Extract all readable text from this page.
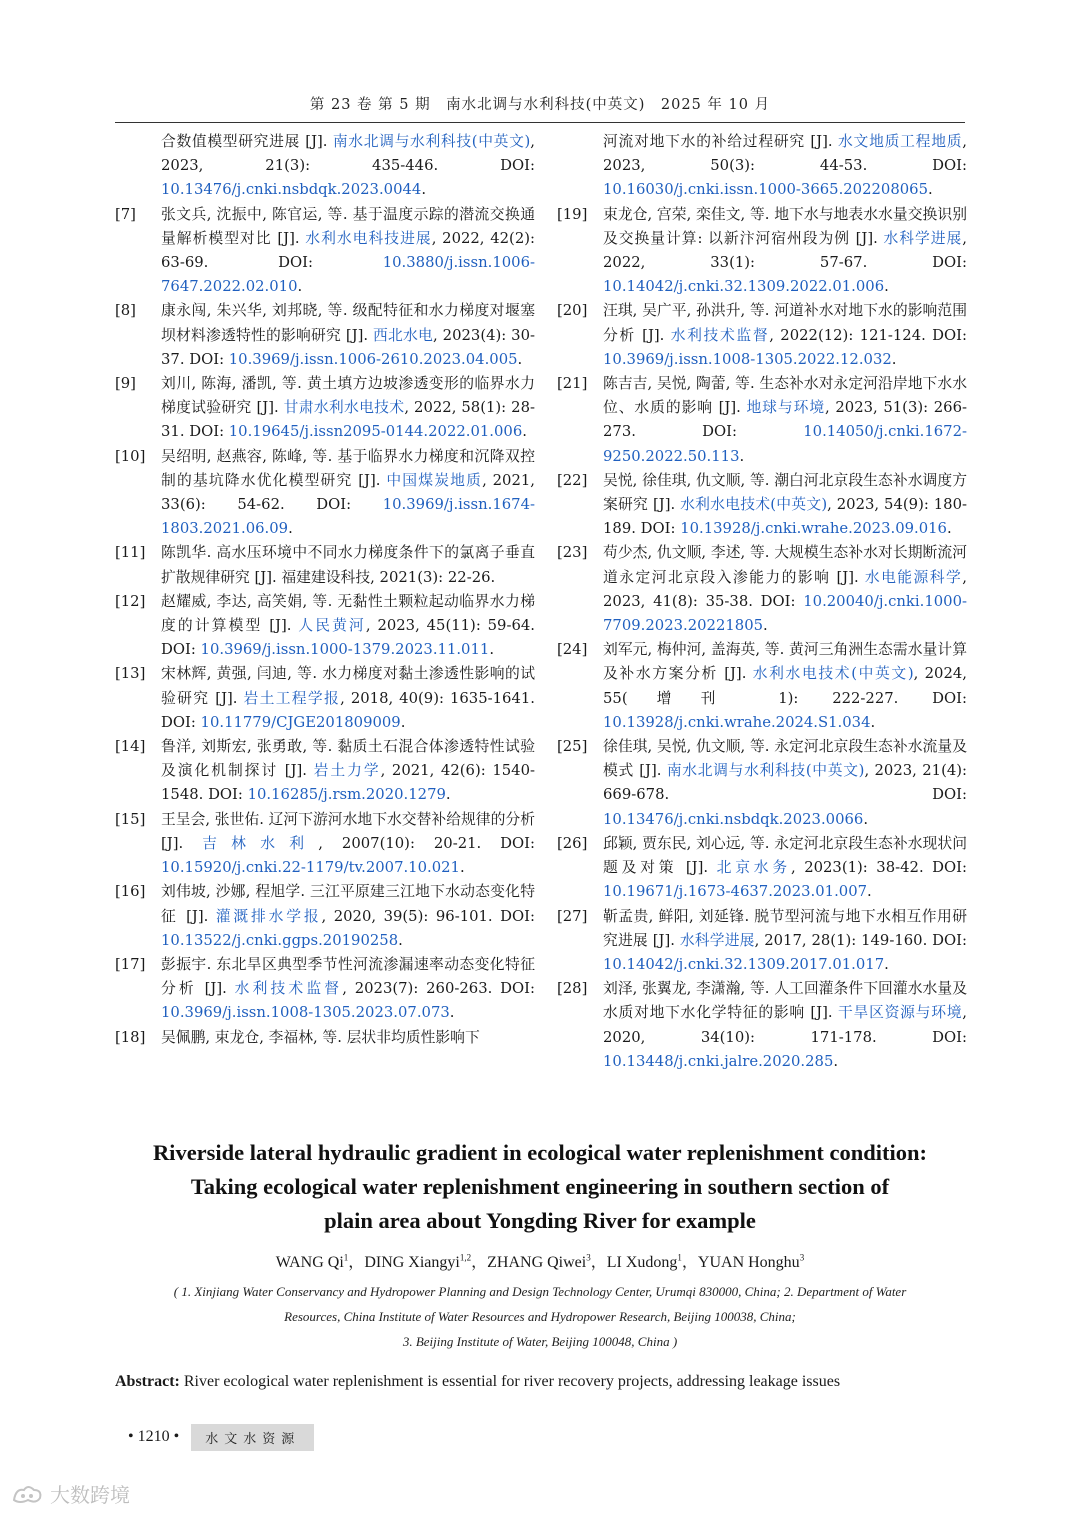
第 23 卷 第 5 期　南水北调与水利科技(中英文)　2025 年 10 月
合数值模型研究进展 [J]. 南水北调与水利科技(中英文), 2023, 21(3): 435-446. DOI: 10.13476/j.cnki.nsbdqk.2023.0044.
[7]	张文兵, 沈振中, 陈官运, 等. 基于温度示踪的潜流交换通量解析模型对比 [J]. 水利水电科技进展, 2022, 42(2): 63-69. DOI: 10.3880/j.issn.1006-7647.2022.02.010.
[8]	康永闯, 朱兴华, 刘邦晓, 等. 级配特征和水力梯度对堰塞坝材料渗透特性的影响研究 [J]. 西北水电, 2023(4): 30-37. DOI: 10.3969/j.issn.1006-2610.2023.04.005.
[9]	刘川, 陈海, 潘凯, 等. 黄土填方边坡渗透变形的临界水力梯度试验研究 [J]. 甘肃水利水电技术, 2022, 58(1): 28-31. DOI: 10.19645/j.issn2095-0144.2022.01.006.
[10]	吴绍明, 赵燕容, 陈峰, 等. 基于临界水力梯度和沉降双控制的基坑降水优化模型研究 [J]. 中国煤炭地质, 2021, 33(6): 54-62. DOI: 10.3969/j.issn.1674-1803.2021.06.09.
[11]	陈凯华. 高水压环境中不同水力梯度条件下的氯离子垂直扩散规律研究 [J]. 福建建设科技, 2021(3): 22-26.
[12]	赵耀威, 李达, 高笑娟, 等. 无黏性土颗粒起动临界水力梯度的计算模型 [J]. 人民黄河, 2023, 45(11): 59-64. DOI: 10.3969/j.issn.1000-1379.2023.11.011.
[13]	宋林辉, 黄强, 闫迪, 等. 水力梯度对黏土渗透性影响的试验研究 [J]. 岩土工程学报, 2018, 40(9): 1635-1641. DOI: 10.11779/CJGE201809009.
[14]	鲁洋, 刘斯宏, 张勇敢, 等. 黏质土石混合体渗透特性试验及演化机制探讨 [J]. 岩土力学, 2021, 42(6): 1540-1548. DOI: 10.16285/j.rsm.2020.1279.
[15]	王呈会, 张世佑. 辽河下游河水地下水交替补给规律的分析 [J]. 吉林水利, 2007(10): 20-21. DOI: 10.15920/j.cnki.22-1179/tv.2007.10.021.
[16]	刘伟坡, 沙娜, 程旭学. 三江平原建三江地下水动态变化特征 [J]. 灌溉排水学报, 2020, 39(5): 96-101. DOI: 10.13522/j.cnki.ggps.20190258.
[17]	彭振宇. 东北旱区典型季节性河流渗漏速率动态变化特征分析 [J]. 水利技术监督, 2023(7): 260-263. DOI: 10.3969/j.issn.1008-1305.2023.07.073.
[18]	吴佩鹏, 束龙仓, 李福林, 等. 层状非均质性影响下
河流对地下水的补给过程研究 [J]. 水文地质工程地质, 2023, 50(3): 44-53. DOI: 10.16030/j.cnki.issn.1000-3665.202208065.
[19]	束龙仓, 宫荣, 栾佳文, 等. 地下水与地表水水量交换识别及交换量计算: 以新汴河宿州段为例 [J]. 水科学进展, 2022, 33(1): 57-67. DOI: 10.14042/j.cnki.32.1309.2022.01.006.
[20]	汪琪, 吴广平, 孙洪升, 等. 河道补水对地下水的影响范围分析 [J]. 水利技术监督, 2022(12): 121-124. DOI: 10.3969/j.issn.1008-1305.2022.12.032.
[21]	陈吉吉, 吴悦, 陶蕾, 等. 生态补水对永定河沿岸地下水水位、水质的影响 [J]. 地球与环境, 2023, 51(3): 266-273. DOI: 10.14050/j.cnki.1672-9250.2022.50.113.
[22]	吴悦, 徐佳琪, 仇文顺, 等. 潮白河北京段生态补水调度方案研究 [J]. 水利水电技术(中英文), 2023, 54(9): 180-189. DOI: 10.13928/j.cnki.wrahe.2023.09.016.
[23]	苟少杰, 仇文顺, 李述, 等. 大规模生态补水对长期断流河道永定河北京段入渗能力的影响 [J]. 水电能源科学, 2023, 41(8): 35-38. DOI: 10.20040/j.cnki.1000-7709.2023.20221805.
[24]	刘军元, 梅仲河, 盖海英, 等. 黄河三角洲生态需水量计算及补水方案分析 [J]. 水利水电技术(中英文), 2024, 55(增刊 1): 222-227. DOI: 10.13928/j.cnki.wrahe.2024.S1.034.
[25]	徐佳琪, 吴悦, 仇文顺, 等. 永定河北京段生态补水流量及模式 [J]. 南水北调与水利科技(中英文), 2023, 21(4): 669-678. DOI: 10.13476/j.cnki.nsbdqk.2023.0066.
[26]	邱颖, 贾东民, 刘心远, 等. 永定河北京段生态补水现状问题及对策 [J]. 北京水务, 2023(1): 38-42. DOI: 10.19671/j.1673-4637.2023.01.007.
[27]	靳孟贵, 鲜阳, 刘延锋. 脱节型河流与地下水相互作用研究进展 [J]. 水科学进展, 2017, 28(1): 149-160. DOI: 10.14042/j.cnki.32.1309.2017.01.017.
[28]	刘泽, 张翼龙, 李潇瀚, 等. 人工回灌条件下回灌水水量及水质对地下水化学特征的影响 [J]. 干旱区资源与环境, 2020, 34(10): 171-178. DOI: 10.13448/j.cnki.jalre.2020.285.
Riverside lateral hydraulic gradient in ecological water replenishment condition:
Taking ecological water replenishment engineering in southern section of
plain area about Yongding River for example
WANG Qi$^1$，DING Xiangyi$^{1,2}$，ZHANG Qiwei$^3$，LI Xudong$^1$，YUAN Honghu$^3$
( 1. Xinjiang Water Conservancy and Hydropower Planning and Design Technology Center, Urumqi 830000, China; 2. Department of Water
Resources, China Institute of Water Resources and Hydropower Research, Beijing 100038, China;
3. Beijing Institute of Water, Beijing 100048, China )
Abstract: River ecological water replenishment is essential for river recovery projects, addressing leakage issues
• 1210 •	水文水资源
大数跨境
